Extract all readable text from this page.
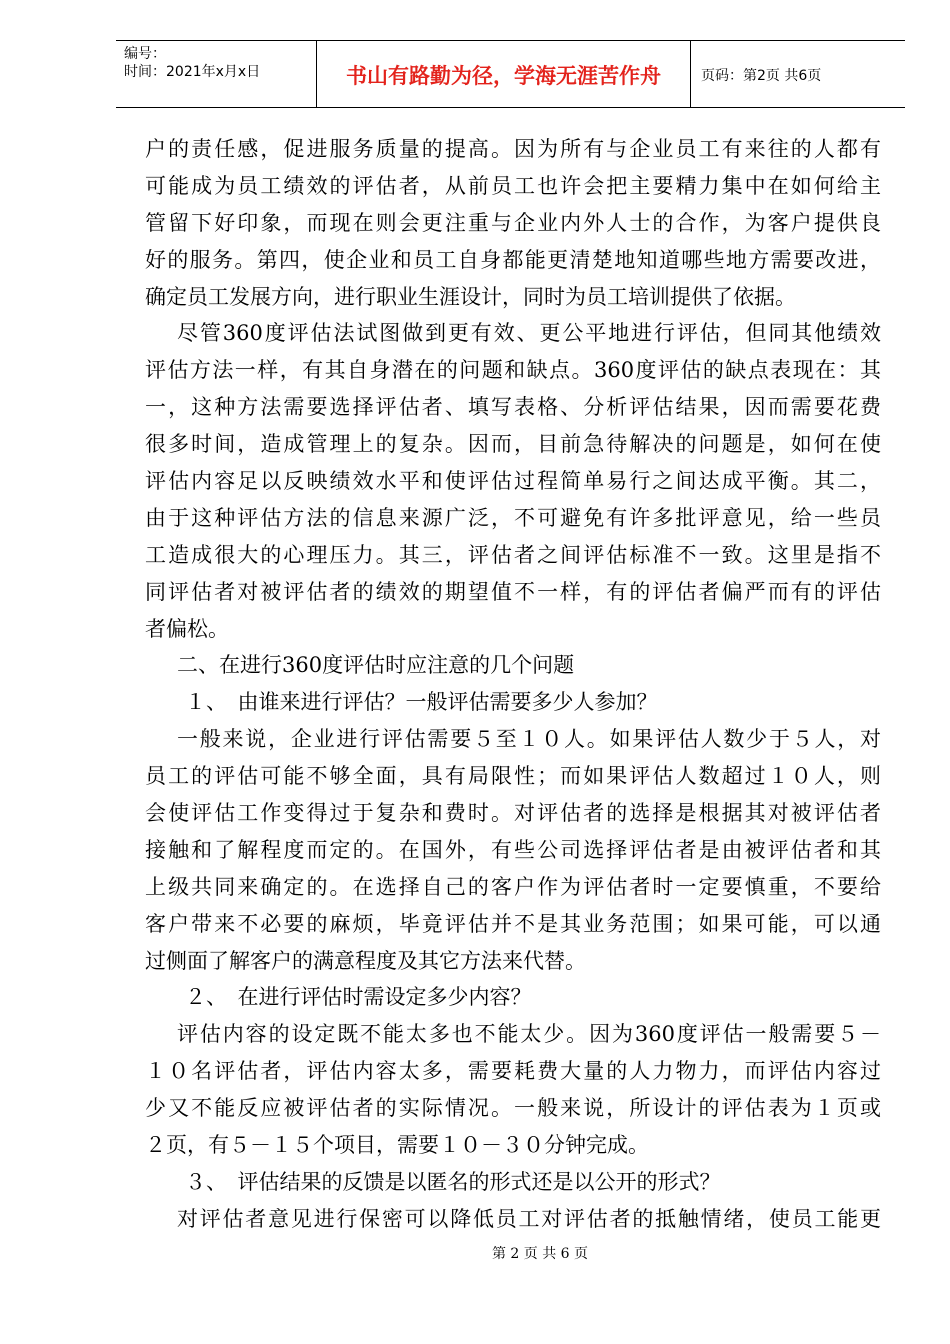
编号：
时间：2021年x月x日	书山有路勤为径，学海无涯苦作舟	页码：第2页 共6页
户的责任感，促进服务质量的提高。因为所有与企业员工有来往的人都有
可能成为员工绩效的评估者，从前员工也许会把主要精力集中在如何给主
管留下好印象，而现在则会更注重与企业内外人士的合作，为客户提供良
好的服务。第四，使企业和员工自身都能更清楚地知道哪些地方需要改进，
确定员工发展方向，进行职业生涯设计，同时为员工培训提供了依据。
尽管360度评估法试图做到更有效、更公平地进行评估，但同其他绩效
评估方法一样，有其自身潜在的问题和缺点。360度评估的缺点表现在：其
一，这种方法需要选择评估者、填写表格、分析评估结果，因而需要花费
很多时间，造成管理上的复杂。因而，目前急待解决的问题是，如何在使
评估内容足以反映绩效水平和使评估过程简单易行之间达成平衡。其二，
由于这种评估方法的信息来源广泛，不可避免有许多批评意见，给一些员
工造成很大的心理压力。其三，评估者之间评估标准不一致。这里是指不
同评估者对被评估者的绩效的期望值不一样，有的评估者偏严而有的评估
者偏松。
二、在进行360度评估时应注意的几个问题
１、　由谁来进行评估？一般评估需要多少人参加？
一般来说，企业进行评估需要５至１０人。如果评估人数少于５人，对
员工的评估可能不够全面，具有局限性；而如果评估人数超过１０人，则
会使评估工作变得过于复杂和费时。对评估者的选择是根据其对被评估者
接触和了解程度而定的。在国外，有些公司选择评估者是由被评估者和其
上级共同来确定的。在选择自己的客户作为评估者时一定要慎重，不要给
客户带来不必要的麻烦，毕竟评估并不是其业务范围；如果可能，可以通
过侧面了解客户的满意程度及其它方法来代替。
２、　在进行评估时需设定多少内容？
评估内容的设定既不能太多也不能太少。因为360度评估一般需要５－
１０名评估者，评估内容太多，需要耗费大量的人力物力，而评估内容过
少又不能反应被评估者的实际情况。一般来说，所设计的评估表为１页或
２页，有５－１５个项目，需要１０－３０分钟完成。
３、　评估结果的反馈是以匿名的形式还是以公开的形式？
对评估者意见进行保密可以降低员工对评估者的抵触情绪，使员工能更
第 2 页 共 6 页
